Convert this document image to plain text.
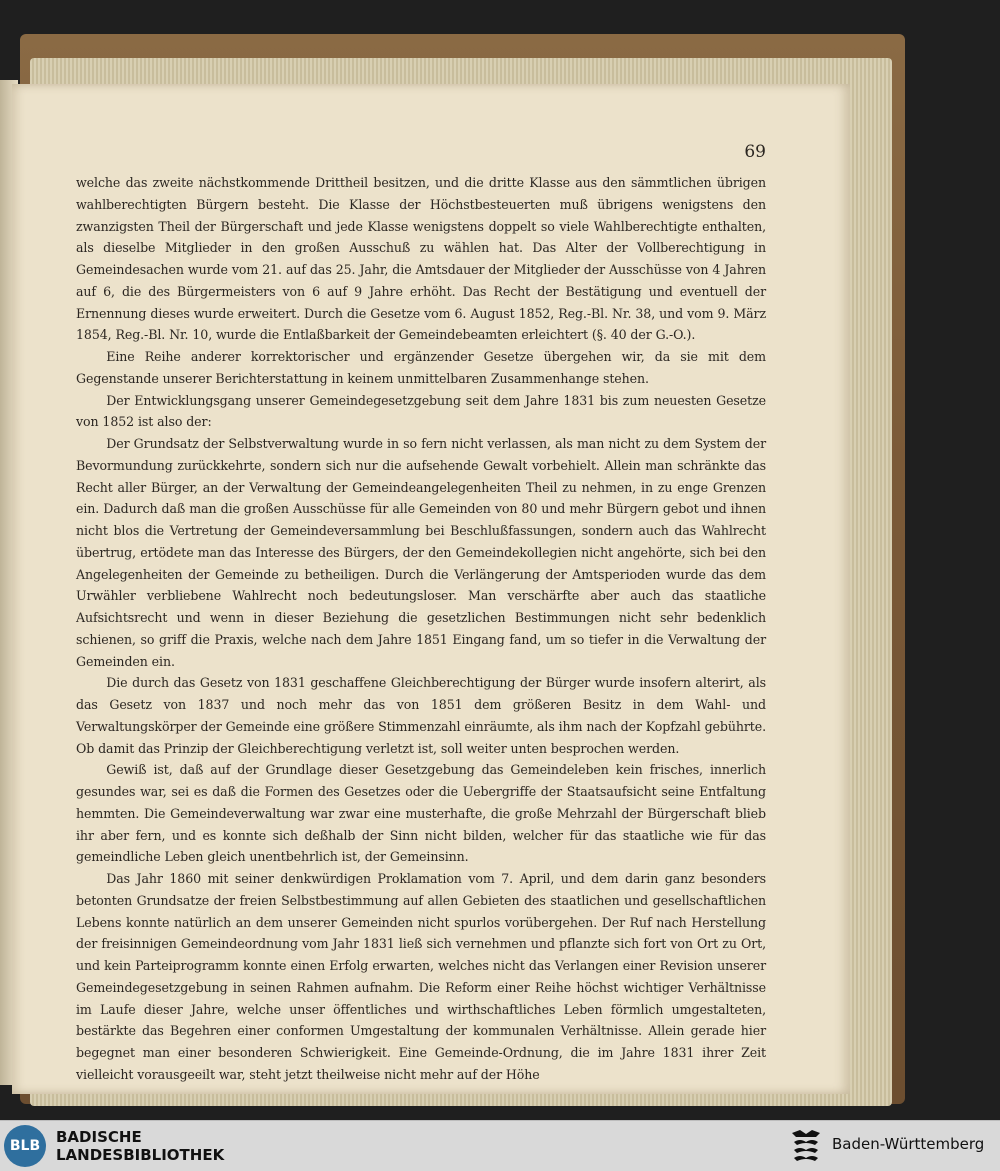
69

welche das zweite nächstkommende Drittheil besitzen, und die dritte Klasse aus den sämmtlichen übrigen wahlberechtigten Bürgern besteht. Die Klasse der Höchstbesteuerten muß übrigens wenigstens den zwanzigsten Theil der Bürgerschaft und jede Klasse wenigstens doppelt so viele Wahlberechtigte enthalten, als dieselbe Mitglieder in den großen Ausschuß zu wählen hat. Das Alter der Vollberechtigung in Gemeindesachen wurde vom 21. auf das 25. Jahr, die Amtsdauer der Mitglieder der Ausschüsse von 4 Jahren auf 6, die des Bürgermeisters von 6 auf 9 Jahre erhöht. Das Recht der Bestätigung und eventuell der Ernennung dieses wurde erweitert. Durch die Gesetze vom 6. August 1852, Reg.-Bl. Nr. 38, und vom 9. März 1854, Reg.-Bl. Nr. 10, wurde die Entlaßbarkeit der Gemeindebeamten erleichtert (§. 40 der G.-O.).

Eine Reihe anderer korrektorischer und ergänzender Gesetze übergehen wir, da sie mit dem Gegenstande unserer Berichterstattung in keinem unmittelbaren Zusammenhange stehen.

Der Entwicklungsgang unserer Gemeindegesetzgebung seit dem Jahre 1831 bis zum neuesten Gesetze von 1852 ist also der:

Der Grundsatz der Selbstverwaltung wurde in so fern nicht verlassen, als man nicht zu dem System der Bevormundung zurückkehrte, sondern sich nur die aufsehende Gewalt vorbehielt. Allein man schränkte das Recht aller Bürger, an der Verwaltung der Gemeindeangelegenheiten Theil zu nehmen, in zu enge Grenzen ein. Dadurch daß man die großen Ausschüsse für alle Gemeinden von 80 und mehr Bürgern gebot und ihnen nicht blos die Vertretung der Gemeindeversammlung bei Beschlußfassungen, sondern auch das Wahlrecht übertrug, ertödete man das Interesse des Bürgers, der den Gemeindekollegien nicht angehörte, sich bei den Angelegenheiten der Gemeinde zu betheiligen. Durch die Verlängerung der Amtsperioden wurde das dem Urwähler verbliebene Wahlrecht noch bedeutungsloser. Man verschärfte aber auch das staatliche Aufsichtsrecht und wenn in dieser Beziehung die gesetzlichen Bestimmungen nicht sehr bedenklich schienen, so griff die Praxis, welche nach dem Jahre 1851 Eingang fand, um so tiefer in die Verwaltung der Gemeinden ein.

Die durch das Gesetz von 1831 geschaffene Gleichberechtigung der Bürger wurde insofern alterirt, als das Gesetz von 1837 und noch mehr das von 1851 dem größeren Besitz in dem Wahl- und Verwaltungskörper der Gemeinde eine größere Stimmenzahl einräumte, als ihm nach der Kopfzahl gebührte. Ob damit das Prinzip der Gleichberechtigung verletzt ist, soll weiter unten besprochen werden.

Gewiß ist, daß auf der Grundlage dieser Gesetzgebung das Gemeindeleben kein frisches, innerlich gesundes war, sei es daß die Formen des Gesetzes oder die Uebergriffe der Staatsaufsicht seine Entfaltung hemmten. Die Gemeindeverwaltung war zwar eine musterhafte, die große Mehrzahl der Bürgerschaft blieb ihr aber fern, und es konnte sich deßhalb der Sinn nicht bilden, welcher für das staatliche wie für das gemeindliche Leben gleich unentbehrlich ist, der Gemeinsinn.

Das Jahr 1860 mit seiner denkwürdigen Proklamation vom 7. April, und dem darin ganz besonders betonten Grundsatze der freien Selbstbestimmung auf allen Gebieten des staatlichen und gesellschaftlichen Lebens konnte natürlich an dem unserer Gemeinden nicht spurlos vorübergehen. Der Ruf nach Herstellung der freisinnigen Gemeindeordnung vom Jahr 1831 ließ sich vernehmen und pflanzte sich fort von Ort zu Ort, und kein Parteiprogramm konnte einen Erfolg erwarten, welches nicht das Verlangen einer Revision unserer Gemeindegesetzgebung in seinen Rahmen aufnahm. Die Reform einer Reihe höchst wichtiger Verhältnisse im Laufe dieser Jahre, welche unser öffentliches und wirthschaftliches Leben förmlich umgestalteten, bestärkte das Begehren einer conformen Umgestaltung der kommunalen Verhältnisse. Allein gerade hier begegnet man einer besonderen Schwierigkeit. Eine Gemeinde-Ordnung, die im Jahre 1831 ihrer Zeit vielleicht vorausgeeilt war, steht jetzt theilweise nicht mehr auf der Höhe

BLB	BADISCHE
LANDESBIBLIOTHEK
Baden-Württemberg
